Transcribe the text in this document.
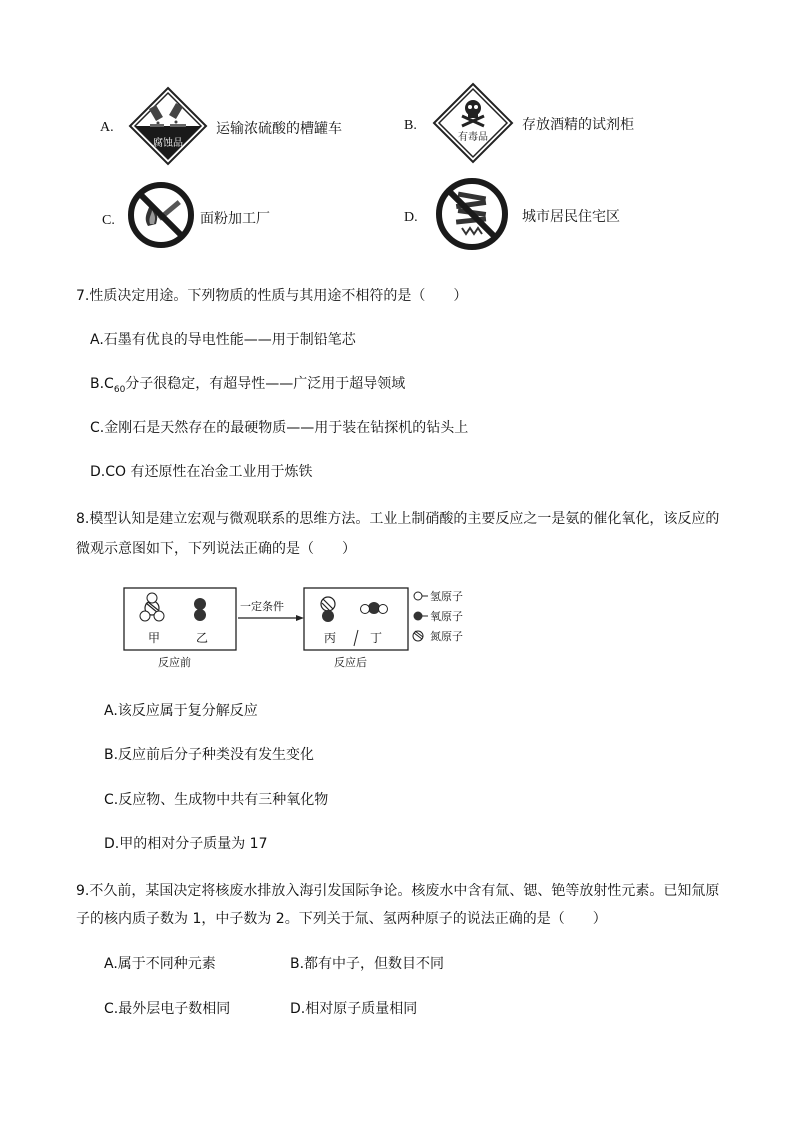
A.
腐蚀品
运输浓硫酸的槽罐车	B.
有毒品
存放酒精的试剂柜
C.	面粉加工厂	D.	城市居民住宅区
7.性质决定用途。下列物质的性质与其用途不相符的是（　　）
A.石墨有优良的导电性能——用于制铅笔芯
$B.C_{60}$分子很稳定，有超导性——广泛用于超导领域
C.金刚石是天然存在的最硬物质——用于装在钻探机的钻头上
D.CO 有还原性在冶金工业用于炼铁
8.模型认知是建立宏观与微观联系的思维方法。工业上制硝酸的主要反应之一是氨的催化氧化，该反应的
微观示意图如下，下列说法正确的是（　　）
甲	乙
一定条件
丙	丁
反应前	反应后
氢原子
氧原子
氮原子
A.该反应属于复分解反应
B.反应前后分子种类没有发生变化
C.反应物、生成物中共有三种氧化物
D.甲的相对分子质量为 17
9.不久前，某国决定将核废水排放入海引发国际争论。核废水中含有氚、锶、铯等放射性元素。已知氚原
子的核内质子数为 1，中子数为 2。下列关于氚、氢两种原子的说法正确的是（　　）
A.属于不同种元素	B.都有中子，但数目不同
C.最外层电子数相同	D.相对原子质量相同
